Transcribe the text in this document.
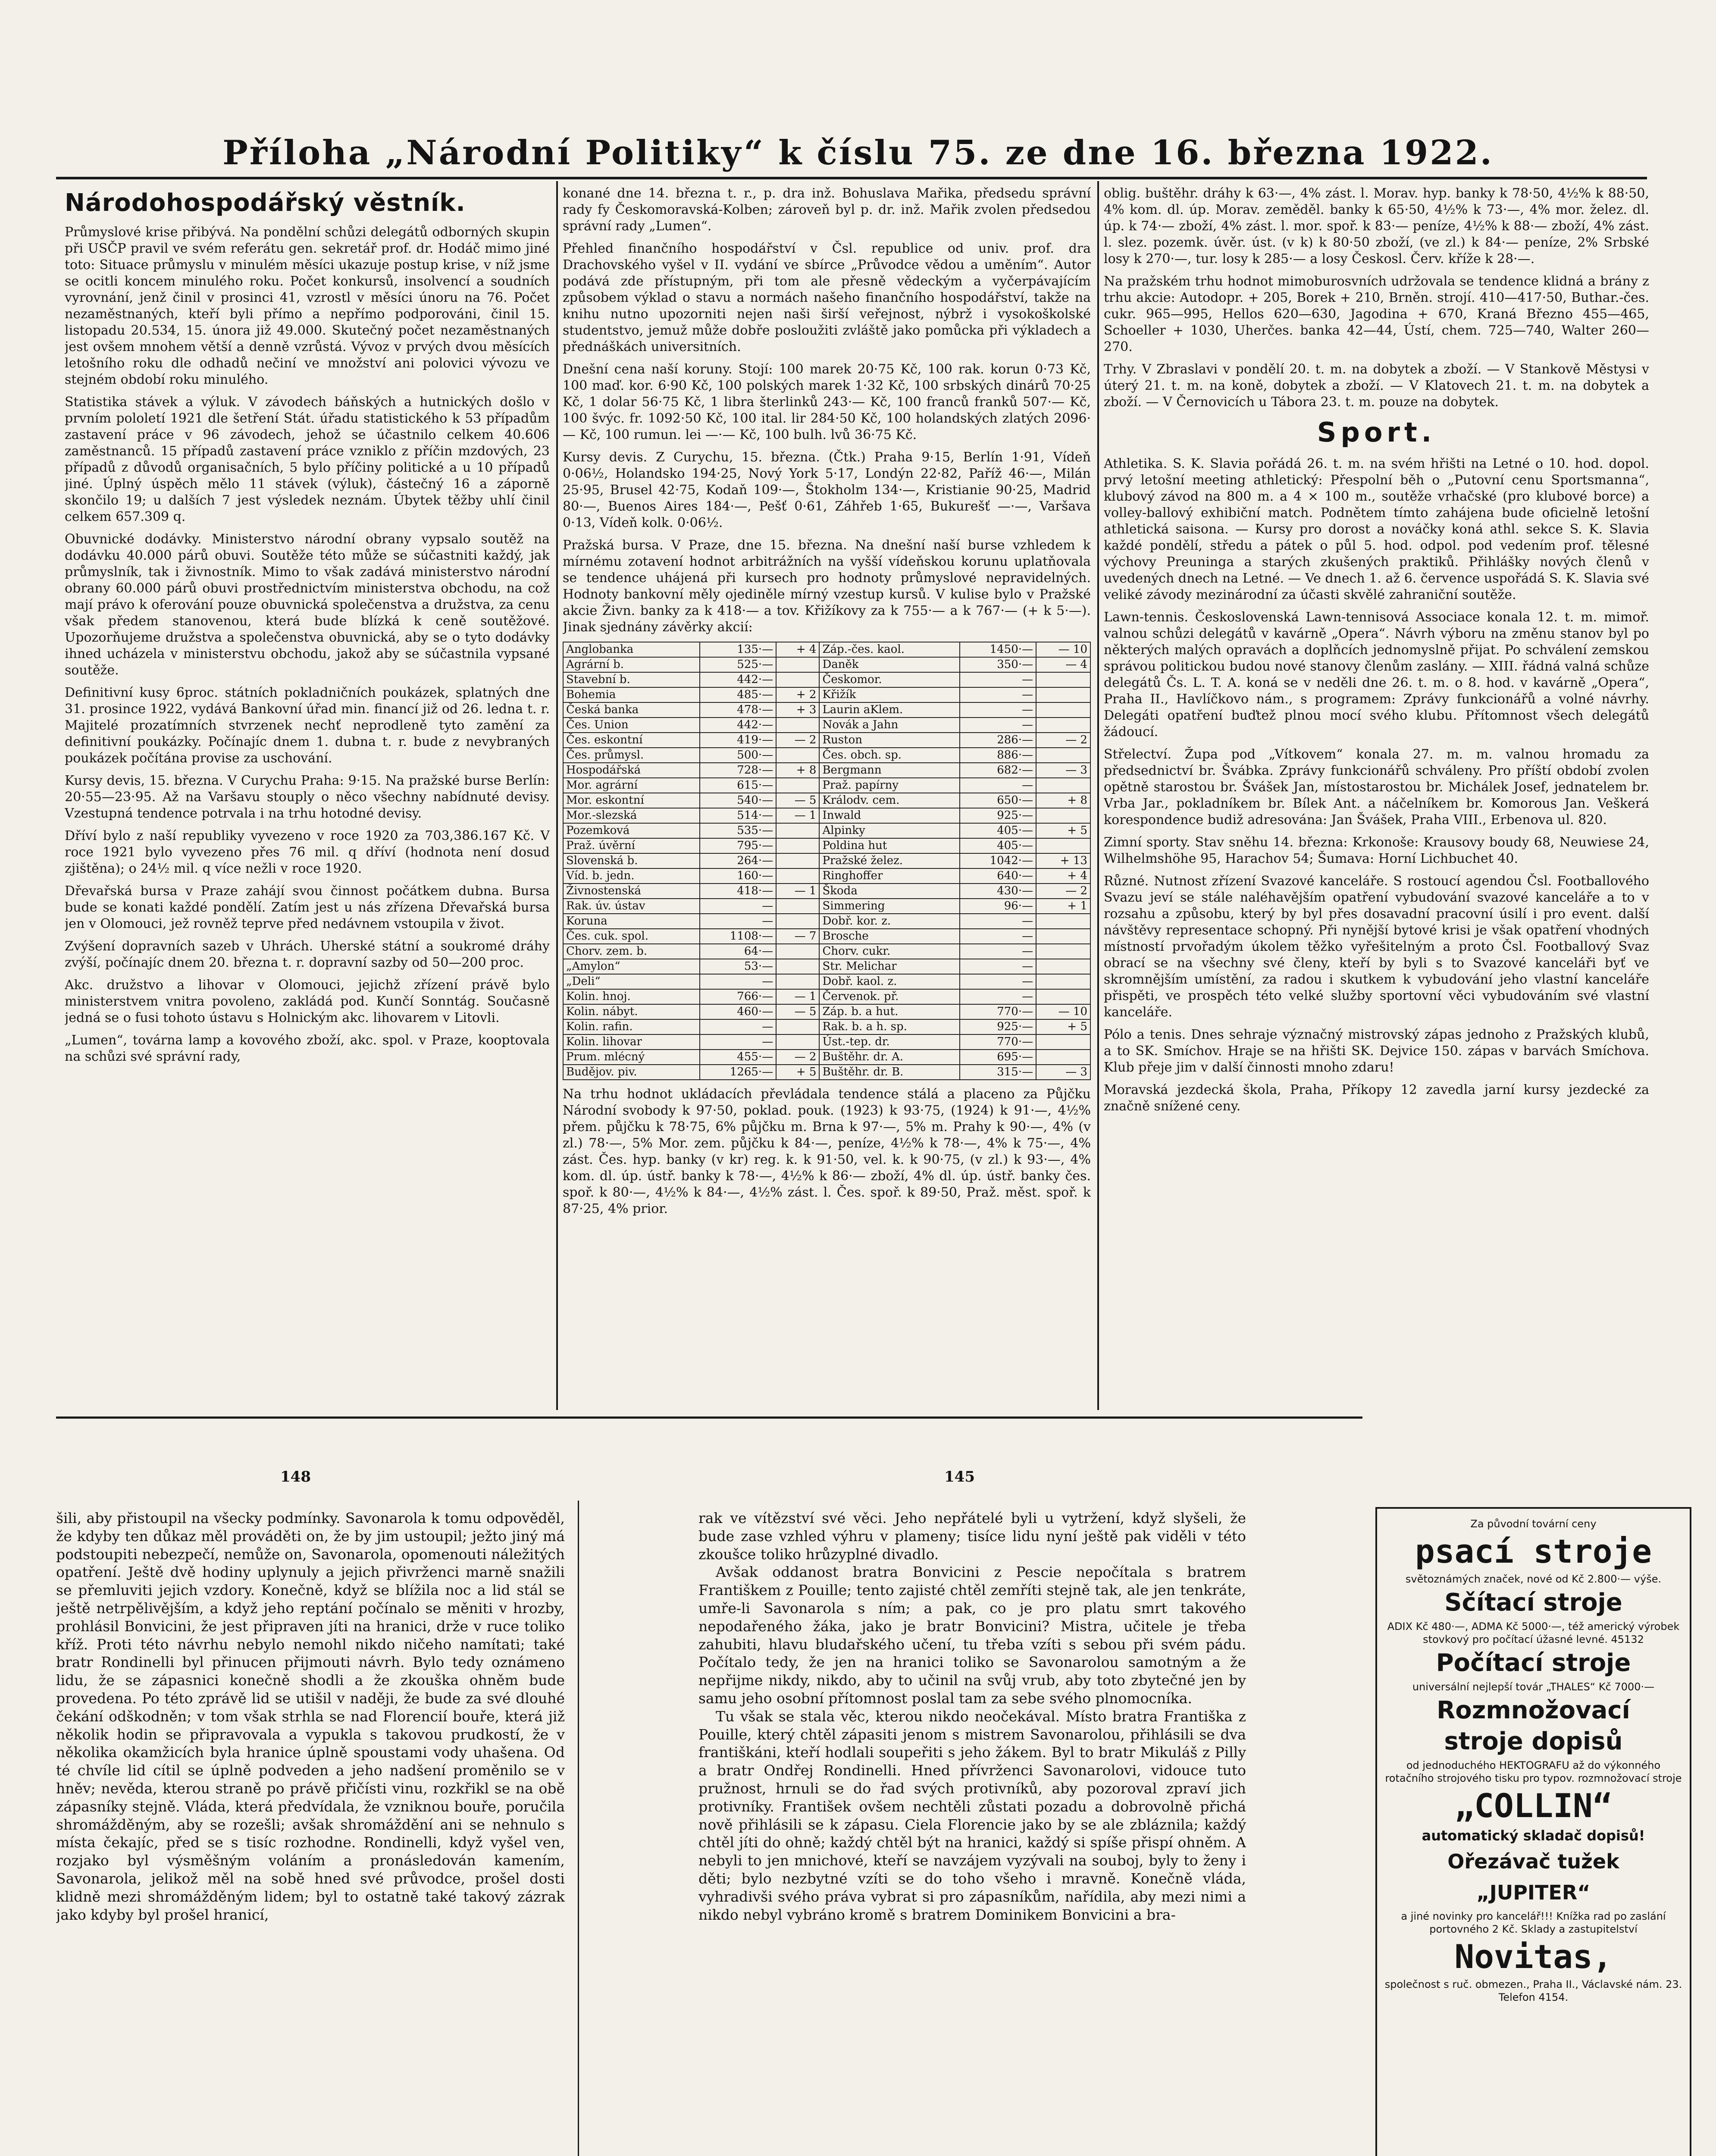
Příloha „Národní Politiky“ k číslu 75. ze dne 16. března 1922.
Národohospodářský věstník.

Průmyslové krise přibývá. Na pondělní schůzi delegátů odborných skupin při USČP pravil ve svém referátu gen. sekretář prof. dr. Hodáč mimo jiné toto: Situace průmyslu v minulém měsíci ukazuje postup krise, v níž jsme se ocitli koncem minulého roku. Počet konkursů, insolvencí a soudních vyrovnání, jenž činil v prosinci 41, vzrostl v měsíci únoru na 76. Počet nezaměstnaných, kteří byli přímo a nepřímo podporováni, činil 15. listopadu 20.534, 15. února již 49.000. Skutečný počet nezaměstnaných jest ovšem mnohem větší a denně vzrůstá. Vývoz v prvých dvou měsících letošního roku dle odhadů nečiní ve množství ani polovici vývozu ve stejném období roku minulého.

Statistika stávek a výluk. V závodech báňských a hutnických došlo v prvním pololetí 1921 dle šetření Stát. úřadu statistického k 53 případům zastavení práce v 96 závodech, jehož se účastnilo celkem 40.606 zaměstnanců. 15 případů zastavení práce vzniklo z příčin mzdových, 23 případů z důvodů organisačních, 5 bylo příčiny politické a u 10 případů jiné. Úplný úspěch mělo 11 stávek (výluk), částečný 16 a záporně skončilo 19; u dalších 7 jest výsledek neznám. Úbytek těžby uhlí činil celkem 657.309 q.

Obuvnické dodávky. Ministerstvo národní obrany vypsalo soutěž na dodávku 40.000 párů obuvi. Soutěže této může se súčastniti každý, jak průmyslník, tak i živnostník. Mimo to však zadává ministerstvo národní obrany 60.000 párů obuvi prostřednictvím ministerstva obchodu, na což mají právo k oferování pouze obuvnická společenstva a družstva, za cenu však předem stanovenou, která bude blízká k ceně soutěžové. Upozorňujeme družstva a společenstva obuvnická, aby se o tyto dodávky ihned ucházela v ministerstvu obchodu, jakož aby se súčastnila vypsané soutěže.

Definitivní kusy 6proc. státních pokladničních poukázek, splatných dne 31. prosince 1922, vydává Bankovní úřad min. financí již od 26. ledna t. r. Majitelé prozatímních stvrzenek nechť neprodleně tyto zamění za definitivní poukázky. Počínajíc dnem 1. dubna t. r. bude z nevybraných poukázek počítána provise za uschování.

Kursy devis, 15. března. V Curychu Praha: 9·15. Na pražské burse Berlín: 20·55—23·95. Až na Varšavu stouply o něco všechny nabídnuté devisy. Vzestupná tendence potrvala i na trhu hotodné devisy.

Dříví bylo z naší republiky vyvezeno v roce 1920 za 703,386.167 Kč. V roce 1921 bylo vyvezeno přes 76 mil. q dříví (hodnota není dosud zjištěna); o 24½ mil. q více nežli v roce 1920.

Dřevařská bursa v Praze zahájí svou činnost počátkem dubna. Bursa bude se konati každé pondělí. Zatím jest u nás zřízena Dřevařská bursa jen v Olomouci, jež rovněž teprve před nedávnem vstoupila v život.

Zvýšení dopravních sazeb v Uhrách. Uherské státní a soukromé dráhy zvýší, počínajíc dnem 20. března t. r. dopravní sazby od 50—200 proc.

Akc. družstvo a lihovar v Olomouci, jejichž zřízení právě bylo ministerstvem vnitra povoleno, zakládá pod. Kunčí Sonntág. Současně jedná se o fusi tohoto ústavu s Holnickým akc. lihovarem v Litovli.

„Lumen“, továrna lamp a kovového zboží, akc. spol. v Praze, kooptovala na schůzi své správní rady,

konané dne 14. března t. r., p. dra inž. Bohuslava Mařika, předsedu správní rady fy Českomoravská-Kolben; zároveň byl p. dr. inž. Mařik zvolen předsedou správní rady „Lumen“.

Přehled finančního hospodářství v Čsl. republice od univ. prof. dra Drachovského vyšel v II. vydání ve sbírce „Průvodce vědou a uměním“. Autor podává zde přístupným, při tom ale přesně vědeckým a vyčerpávajícím způsobem výklad o stavu a normách našeho finančního hospodářství, takže na knihu nutno upozorniti nejen naši širší veřejnost, nýbrž i vysokoškolské studentstvo, jemuž může dobře posloužiti zvláště jako pomůcka při výkladech a přednáškách universitních.

Dnešní cena naší koruny. Stojí: 100 marek 20·75 Kč, 100 rak. korun 0·73 Kč, 100 maď. kor. 6·90 Kč, 100 polských marek 1·32 Kč, 100 srbských dinárů 70·25 Kč, 1 dolar 56·75 Kč, 1 libra šterlinků 243·— Kč, 100 franců franků 507·— Kč, 100 švýc. fr. 1092·50 Kč, 100 ital. lir 284·50 Kč, 100 holandských zlatých 2096·— Kč, 100 rumun. lei —·— Kč, 100 bulh. lvů 36·75 Kč.

Kursy devis. Z Curychu, 15. března. (Čtk.) Praha 9·15, Berlín 1·91, Vídeň 0·06½, Holandsko 194·25, Nový York 5·17, Londýn 22·82, Paříž 46·—, Milán 25·95, Brusel 42·75, Kodaň 109·—, Štokholm 134·—, Kristianie 90·25, Madrid 80·—, Buenos Aires 184·—, Pešť 0·61, Záhřeb 1·65, Bukurešť —·—, Varšava 0·13, Vídeň kolk. 0·06½.

Pražská bursa. V Praze, dne 15. března. Na dnešní naší burse vzhledem k mírnému zotavení hodnot arbitrážních na vyšší vídeňskou korunu uplatňovala se tendence uhájená při kursech pro hodnoty průmyslové nepravidelných. Hodnoty bankovní měly ojediněle mírný vzestup kursů. V kulise bylo v Pražské akcie Živn. banky za k 418·— a tov. Křižíkovy za k 755·— a k 767·— (+ k 5·—). Jinak sjednány závěrky akcií:

Anglobanka	135·—	+ 4	Záp.-čes. kaol.	1450·—	— 10
Agrární b.	525·—		Daněk	350·—	— 4
Stavební b.	442·—		Českomor.	—	
Bohemia	485·—	+ 2	Křižík	—	
Česká banka	478·—	+ 3	Laurin aKlem.	—	
Čes. Union	442·—		Novák a Jahn	—	
Čes. eskontní	419·—	— 2	Ruston	286·—	— 2
Čes. průmysl.	500·—		Čes. obch. sp.	886·—	
Hospodářská	728·—	+ 8	Bergmann	682·—	— 3
Mor. agrární	615·—		Praž. papírny	—	
Mor. eskontní	540·—	— 5	Králodv. cem.	650·—	+ 8
Mor.-slezská	514·—	— 1	Inwald	925·—	
Pozemková	535·—		Alpinky	405·—	+ 5
Praž. úvěrní	795·—		Poldina hut	405·—	
Slovenská b.	264·—		Pražské želez.	1042·—	+ 13
Víd. b. jedn.	160·—		Ringhoffer	640·—	+ 4
Živnostenská	418·—	— 1	Škoda	430·—	— 2
Rak. úv. ústav	—		Simmering	96·—	+ 1
Koruna	—		Dobř. kor. z.	—	
Čes. cuk. spol.	1108·—	— 7	Brosche	—	
Chorv. zem. b.	64·—		Chorv. cukr.	—	
„Amylon“	53·—		Str. Melichar	—	
„Deli“	—		Dobř. kaol. z.	—	
Kolin. hnoj.	766·—	— 1	Červenok. př.	—	
Kolin. nábyt.	460·—	— 5	Záp. b. a hut.	770·—	— 10
Kolin. rafin.	—		Rak. b. a h. sp.	925·—	+ 5
Kolin. lihovar	—		Úst.-tep. dr.	770·—	
Prum. mlécný	455·—	— 2	Buštěhr. dr. A.	695·—	
Budějov. piv.	1265·—	+ 5	Buštěhr. dr. B.	315·—	— 3

Na trhu hodnot ukládacích převládala tendence stálá a placeno za Půjčku Národní svobody k 97·50, poklad. pouk. (1923) k 93·75, (1924) k 91·—, 4½% přem. půjčku k 78·75, 6% půjčku m. Brna k 97·—, 5% m. Prahy k 90·—, 4% (v zl.) 78·—, 5% Mor. zem. půjčku k 84·—, peníze, 4½% k 78·—, 4% k 75·—, 4% zást. Čes. hyp. banky (v kr) reg. k. k 91·50, vel. k. k 90·75, (v zl.) k 93·—, 4% kom. dl. úp. ústř. banky k 78·—, 4½% k 86·— zboží, 4% dl. úp. ústř. banky čes. spoř. k 80·—, 4½% k 84·—, 4½% zást. l. Čes. spoř. k 89·50, Praž. měst. spoř. k 87·25, 4% prior.

oblig. buštěhr. dráhy k 63·—, 4% zást. l. Morav. hyp. banky k 78·50, 4½% k 88·50, 4% kom. dl. úp. Morav. zeměděl. banky k 65·50, 4½% k 73·—, 4% mor. želez. dl. úp. k 74·— zboží, 4% zást. l. mor. spoř. k 83·— peníze, 4½% k 88·— zboží, 4% zást. l. slez. pozemk. úvěr. úst. (v k) k 80·50 zboží, (ve zl.) k 84·— peníze, 2% Srbské losy k 270·—, tur. losy k 285·— a losy Českosl. Červ. kříže k 28·—.

Na pražském trhu hodnot mimoburosvních udržovala se tendence klidná a brány z trhu akcie: Autodopr. + 205, Borek + 210, Brněn. strojí. 410—417·50, Buthar.-čes. cukr. 965—995, Hellos 620—630, Jagodina + 670, Kraná Březno 455—465, Schoeller + 1030, Uherčes. banka 42—44, Ústí, chem. 725—740, Walter 260—270.

Trhy. V Zbraslavi v pondělí 20. t. m. na dobytek a zboží. — V Stankově Městysi v úterý 21. t. m. na koně, dobytek a zboží. — V Klatovech 21. t. m. na dobytek a zboží. — V Černovicích u Tábora 23. t. m. pouze na dobytek.

Sport.

Athletika. S. K. Slavia pořádá 26. t. m. na svém hřišti na Letné o 10. hod. dopol. prvý letošní meeting athletický: Přespolní běh o „Putovní cenu Sportsmanna“, klubový závod na 800 m. a 4 × 100 m., soutěže vrhačské (pro klubové borce) a volley-ballový exhibiční match. Podnětem tímto zahájena bude oficielně letošní athletická saisona. — Kursy pro dorost a nováčky koná athl. sekce S. K. Slavia každé pondělí, středu a pátek o půl 5. hod. odpol. pod vedením prof. tělesné výchovy Preuninga a starých zkušených praktiků. Přihlášky nových členů v uvedených dnech na Letné. — Ve dnech 1. až 6. července uspořádá S. K. Slavia své veliké závody mezinárodní za účasti skvělé zahraniční soutěže.

Lawn-tennis. Československá Lawn-tennisová Associace konala 12. t. m. mimoř. valnou schůzi delegátů v kavárně „Opera“. Návrh výboru na změnu stanov byl po některých malých opravách a doplňcích jednomyslně přijat. Po schválení zemskou správou politickou budou nové stanovy členům zaslány. — XIII. řádná valná schůze delegátů Čs. L. T. A. koná se v neděli dne 26. t. m. o 8. hod. v kavárně „Opera“, Praha II., Havlíčkovo nám., s programem: Zprávy funkcionářů a volné návrhy. Delegáti opatření buďtež plnou mocí svého klubu. Přítomnost všech delegátů žádoucí.

Střelectví. Župa pod „Vítkovem“ konala 27. m. m. valnou hromadu za předsednictví br. Švábka. Zprávy funkcionářů schváleny. Pro příští období zvolen opětně starostou br. Švášek Jan, místostarostou br. Michálek Josef, jednatelem br. Vrba Jar., pokladníkem br. Bílek Ant. a náčelníkem br. Komorous Jan. Veškerá korespondence budiž adresována: Jan Švášek, Praha VIII., Erbenova ul. 820.

Zimní sporty. Stav sněhu 14. března: Krkonoše: Krausovy boudy 68, Neuwiese 24, Wilhelmshöhe 95, Harachov 54; Šumava: Horní Lichbuchet 40.

Různé. Nutnost zřízení Svazové kanceláře. S rostoucí agendou Čsl. Footballového Svazu jeví se stále naléhavějším opatření vybudování svazové kanceláře a to v rozsahu a způsobu, který by byl přes dosavadní pracovní úsilí i pro event. další návštěvy representace schopný. Při nynější bytové krisi je však opatření vhodných místností prvořadým úkolem těžko vyřešitelným a proto Čsl. Footballový Svaz obrací se na všechny své členy, kteří by byli s to Svazové kanceláři byť ve skromnějším umístění, za radou i skutkem k vybudování jeho vlastní kanceláře přispěti, ve prospěch této velké služby sportovní věci vybudováním své vlastní kanceláře.

Pólo a tenis. Dnes sehraje význačný mistrovský zápas jednoho z Pražských klubů, a to SK. Smíchov. Hraje se na hřišti SK. Dejvice 150. zápas v barvách Smíchova. Klub přeje jim v další činnosti mnoho zdaru!

Moravská jezdecká škola, Praha, Příkopy 12 zavedla jarní kursy jezdecké za značně snížené ceny.

148	145

šili, aby přistoupil na všecky podmínky. Savonarola k tomu odpověděl, že kdyby ten důkaz měl prováděti on, že by jim ustoupil; ježto jiný má podstoupiti nebezpečí, nemůže on, Savonarola, opomenouti náležitých opatření. Ještě dvě hodiny uplynuly a jejich přivrženci marně snažili se přemluviti jejich vzdory. Konečně, když se blížila noc a lid stál se ještě netrpělivějším, a když jeho reptání počínalo se měniti v hrozby, prohlásil Bonvicini, že jest připraven jíti na hranici, drže v ruce toliko kříž. Proti této návrhu nebylo nemohl nikdo ničeho namítati; také bratr Rondinelli byl přinucen přijmouti návrh. Bylo tedy oznámeno lidu, že se zápasnici konečně shodli a že zkouška ohněm bude provedena. Po této zprávě lid se utišil v naději, že bude za své dlouhé čekání odškodněn; v tom však strhla se nad Florencií bouře, která již několik hodin se připravovala a vypukla s takovou prudkostí, že v několika okamžicích byla hranice úplně spoustami vody uhašena. Od té chvíle lid cítil se úplně podveden a jeho nadšení proměnilo se v hněv; nevěda, kterou straně po právě přičísti vinu, rozkřikl se na obě zápasníky stejně. Vláda, která předvídala, že vzniknou bouře, poručila shromážděným, aby se rozešli; avšak shromáždění ani se nehnulo s místa čekajíc, před se s tisíc rozhodne. Rondinelli, když vyšel ven, rozjako byl výsměšným voláním a pronásledován kamením, Savonarola, jelikož měl na sobě hned své průvodce, prošel dosti klidně mezi shromážděným lidem; byl to ostatně také takový zázrak jako kdyby byl prošel hranicí,

rak ve vítězství své věci. Jeho nepřátelé byli u vytržení, když slyšeli, že bude zase vzhled výhru v plameny; tisíce lidu nyní ještě pak viděli v této zkoušce toliko hrůzyplné divadlo.

Avšak oddanost bratra Bonvicini z Pescie nepočítala s bratrem Františkem z Pouille; tento zajisté chtěl zemříti stejně tak, ale jen tenkráte, umře-li Savonarola s ním; a pak, co je pro platu smrt takového nepodařeného žáka, jako je bratr Bonvicini? Mistra, učitele je třeba zahubiti, hlavu bludařského učení, tu třeba vzíti s sebou při svém pádu. Počítalo tedy, že jen na hranici toliko se Savonarolou samotným a že nepřijme nikdy, nikdo, aby to učinil na svůj vrub, aby toto zbytečné jen by samu jeho osobní přítomnost poslal tam za sebe svého plnomocníka.

Tu však se stala věc, kterou nikdo neočekával. Místo bratra Františka z Pouille, který chtěl zápasiti jenom s mistrem Savonarolou, přihlásili se dva františkáni, kteří hodlali soupeřiti s jeho žákem. Byl to bratr Mikuláš z Pilly a bratr Ondřej Rondinelli. Hned přívrženci Savonarolovi, vidouce tuto pružnost, hrnuli se do řad svých protivníků, aby pozoroval zpraví jich protivníky. František ovšem nechtěli zůstati pozadu a dobrovolně přichá nově přihlásili se k zápasu. Ciela Florencie jako by se ale zbláznila; každý chtěl jíti do ohně; každý chtěl být na hranici, každý si spíše přispí ohněm. A nebyli to jen mnichové, kteří se navzájem vyzývali na souboj, byly to ženy i děti; bylo nezbytné vzíti se do toho všeho i mravně. Konečně vláda, vyhradivši svého práva vybrat si pro zápasníkům, nařídila, aby mezi nimi a nikdo nebyl vybráno kromě s bratrem Dominikem Bonvicini a bra-

Za původní tovární ceny
psací stroje
světoznámých značek, nové od Kč 2.800·— výše.
Sčítací stroje
ADIX Kč 480·—, ADMA Kč 5000·—, též americký výrobek stovkový pro počítací úžasné levné. 45132
Počítací stroje
universální nejlepší továr „THALES“ Kč 7000·—
Rozmnožovací
stroje dopisů
od jednoduchého HEKTOGRAFU až do výkonného rotačního strojového tisku pro typov. rozmnožovací stroje
„COLLIN“
automatický skladač dopisů!
Ořezávač tužek
„JUPITER“
a jiné novinky pro kancelář!!! Knížka rad po zaslání portovného 2 Kč. Sklady a zastupitelství
Novitas,
společnost s ruč. obmezen., Praha II., Václavské nám. 23. Telefon 4154.
